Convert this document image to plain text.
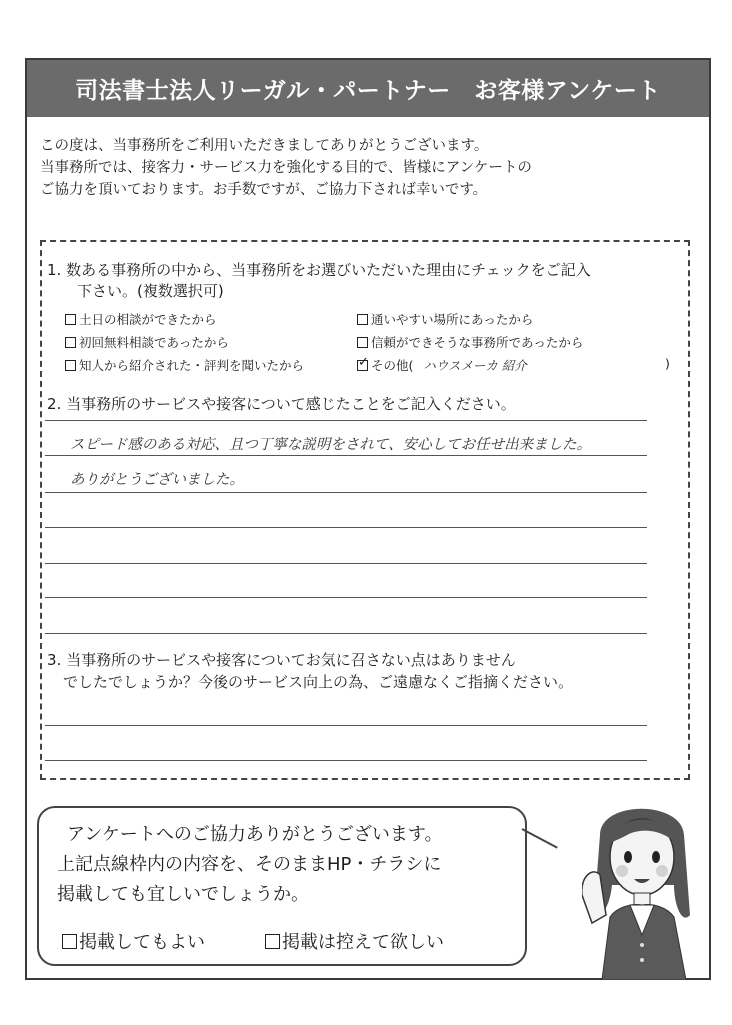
司法書士法人リーガル・パートナー　お客様アンケート
この度は、当事務所をご利用いただきましてありがとうございます。
当事務所では、接客力・サービス力を強化する目的で、皆様にアンケートの
ご協力を頂いております。お手数ですが、ご協力下されば幸いです。
1. 数ある事務所の中から、当事務所をお選びいただいた理由にチェックをご記入
下さい。(複数選択可)
土日の相談ができたから	通いやすい場所にあったから
初回無料相談であったから	信頼ができそうな事務所であったから
知人から紹介された・評判を聞いたから
✓	その他( ハウスメーカ 紹介	)
2. 当事務所のサービスや接客について感じたことをご記入ください。
スピード感のある対応、且つ丁寧な説明をされて、安心してお任せ出来ました。
ありがとうございました。
3. 当事務所のサービスや接客についてお気に召さない点はありません
でしたでしょうか？今後のサービス向上の為、ご遠慮なくご指摘ください。
アンケートへのご協力ありがとうございます。
上記点線枠内の内容を、そのままHP・チラシに
掲載しても宜しいでしょうか。
掲載してもよい	掲載は控えて欲しい
